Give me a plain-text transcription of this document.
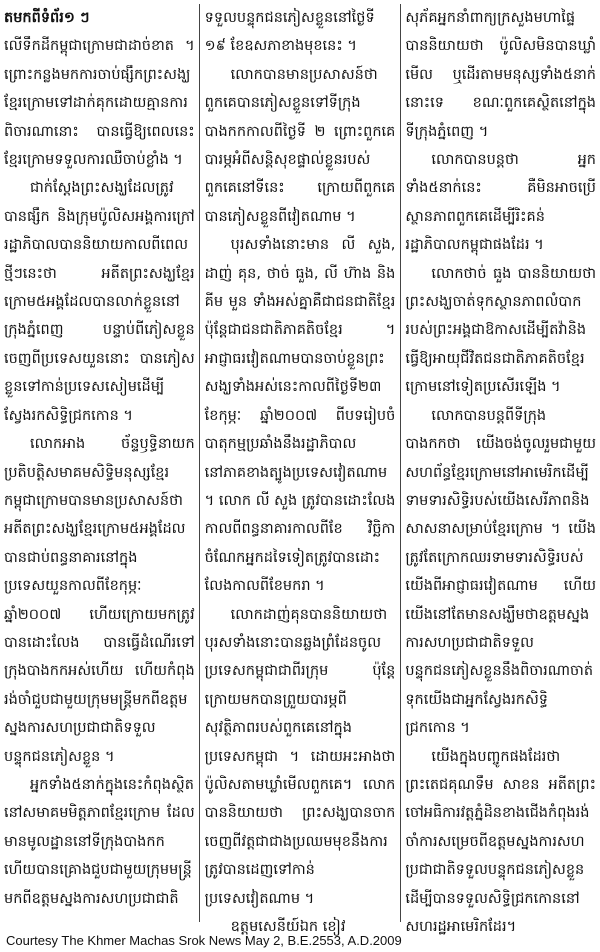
តមកពីទំព័រ១ ៗ

លើទឹកដីកម្ពុជាក្រោមជាដាច់ខាត ។ ព្រោះកន្លងមកការចាប់ផ្សឹកព្រះសង្ឃខ្មែរក្រោមទៅដាក់គុកដោយគ្មានការពិចារណានោះ បានធ្វើឱ្យពេលនេះខ្មែរក្រោមទទួលការឈឺចាប់ខ្លាំង ។

ជាក់ស្តែងព្រះសង្ឃដែលត្រូវបានផ្សឹក និងក្រុមប៉ូលិសអង្គការក្រៅរដ្ឋាភិបាលបាននិយាយកាលពីពេលថ្មីៗនេះថា អតីតព្រះសង្ឃខ្មែរក្រោម៥អង្គដែលបានលាក់ខ្លួននៅក្រុងភ្នំពេញ បន្ទាប់ពីភៀសខ្លួនចេញពីប្រទេសយួននោះ បានភៀសខ្លួនទៅកាន់ប្រទេសសៀមដើម្បីស្វែងរកសិទ្ធិជ្រកកោន ។

លោកអាង ច័ន្ទឫទ្ធិនាយកប្រតិបត្តិសមាគមសិទ្ធិមនុស្សខ្មែរកម្ពុជាក្រោមបានមានប្រសាសន៍ថា អតីតព្រះសង្ឃខ្មែរក្រោម៥អង្គដែលបានជាប់ពន្ធនាគារនៅក្នុងប្រទេសយួនកាលពីខែកុម្ភៈ ឆ្នាំ២០០៧ ហើយក្រោយមកត្រូវបានដោះលែង បានធ្វើដំណើរទៅក្រុងបាងកកអស់ហើយ ហើយកំពុងរង់ចាំជួបជាមួយក្រុមមន្ត្រីមកពីឧត្តមស្នងការសហប្រជាជាតិទទួលបន្ទុកជនភៀសខ្លួន ។

អ្នកទាំង៥នាក់ក្នុងនេះកំពុងស្ថិតនៅសមាគមមិត្តភាពខ្មែរក្រោម ដែលមានមូលដ្ឋាននៅទីក្រុងបាងកក ហើយបានគ្រោងជួបជាមួយក្រុមមន្ត្រីមកពីឧត្តមស្នងការសហប្រជាជាតិ

ទទួលបន្ទុកជនភៀសខ្លួននៅថ្ងៃទី ១៩ ខែឧសភាខាងមុខនេះ ។

លោកបានមានប្រសាសន៍ថា ពួកគេបានភៀសខ្លួនទៅទីក្រុងបាងកកកាលពីថ្ងៃទី ២ ព្រោះពួកគេបារម្ភអំពីសន្តិសុខផ្ទាល់ខ្លួនរបស់ពួកគេនៅទីនេះ ក្រោយពីពួកគេបានភៀសខ្លួនពីវៀតណាម ។

បុរសទាំងនោះមាន លី សួង, ដាញ់ គុន, ថាច់ ធួង, លី ហ៊ាង និង គីម មួន ទាំងអស់គ្នាគឺជាជនជាតិខ្មែរ ប៉ុន្តែជាជនជាតិភាគតិចខ្មែរ ។ អាជ្ញាធរវៀតណាមបានចាប់ខ្លួនព្រះសង្ឃទាំងអស់នេះកាលពីថ្ងៃទី២៣ ខែកុម្ភៈ ឆ្នាំ២០០៧ ពីបទរៀបចំបាតុកម្មប្រឆាំងនឹងរដ្ឋាភិបាលនៅភាគខាងត្បូងប្រទេសវៀតណាម ។ លោក លី សួង ត្រូវបានដោះលែងកាលពីពន្ធនាគារកាលពីខែ វិច្ឆិកា ចំណែកអ្នកដទៃទៀតត្រូវបានដោះលែងកាលពីខែមករា ។

លោកដាញ់គុនបាននិយាយថា បុរសទាំងនោះបានឆ្លងព្រំដែនចូលប្រទេសកម្ពុជាជាពីរក្រុម ប៉ុន្តែក្រោយមកបានព្រួយបារម្ភពីសុវត្ថិភាពរបស់ពួកគេនៅក្នុងប្រទេសកម្ពុជា ។ ដោយអះអាងថា ប៉ូលិសតាមឃ្លាំមើលពួកគេ។ លោកបាននិយាយថា ព្រះសង្ឃបានចាកចេញពីវត្តជាជាងប្រឈមមុខនឹងការត្រូវបានដេញទៅកាន់ប្រទេសវៀតណាម ។

ឧត្តមសេនីយ៍ឯក ខៀវ

សុភ័គអ្នកនាំពាក្យក្រសួងមហាផ្ទៃបាននិយាយថា ប៉ូលិសមិនបានឃ្លាំមើល ឬដើរតាមមនុស្សទាំង៥នាក់នោះទេ ខណៈពួកគេស្ថិតនៅក្នុងទីក្រុងភ្នំពេញ ។

លោកបានបន្តថា អ្នកទាំង៥នាក់នេះ គឺមិនអាចប្រើស្ថានភាពពួកគេដើម្បីរិះគន់រដ្ឋាភិបាលកម្ពុជាផងដែរ ។

លោកថាច់ ធួង បាននិយាយថា ព្រះសង្ឃចាត់ទុកស្ថានភាពលំបាករបស់ព្រះអង្គជាឱកាសដើម្បីតវ៉ានិងធ្វើឱ្យអាយុជីវិតជនជាតិភាគតិចខ្មែរក្រោមនៅទៀតប្រសើរឡើង ។

លោកបានបន្តពីទីក្រុងបាងកកថា យើងចង់ចូលរួមជាមួយសហព័ន្ធខ្មែរក្រោមនៅអាមេរិកដើម្បីទាមទារសិទ្ធិរបស់យើងសេរីភាពនិងសាសនាសម្រាប់ខ្មែរក្រោម ។ យើងត្រូវតែក្រោកឈរទាមទារសិទ្ធិរបស់យើងពីអាជ្ញាធរវៀតណាម ហើយយើងនៅតែមានសង្ឃឹមថាឧត្តមស្នងការសហប្រជាជាតិទទួលបន្ទុកជនភៀសខ្លួននឹងពិចារណាចាត់ទុកយើងជាអ្នកស្វែងរកសិទ្ធិជ្រកកោន ។

យើងក្នុងបញ្ចូកផងដែរថា ព្រះតេជគុណទឹម សាខន អតីតព្រះចៅអធិការវត្តភ្នំដិនខាងជើងកំពុងរង់ចាំការសម្រេចពីឧត្តមស្នងការសហប្រជាជាតិទទួលបន្ទុកជនភៀសខ្លួនដើម្បីបានទទួលសិទ្ធិជ្រកកោននៅសហរដ្ឋអាមេរិកដែរ។

Courtesy The Khmer Machas Srok News May 2, B.E.2553, A.D.2009
